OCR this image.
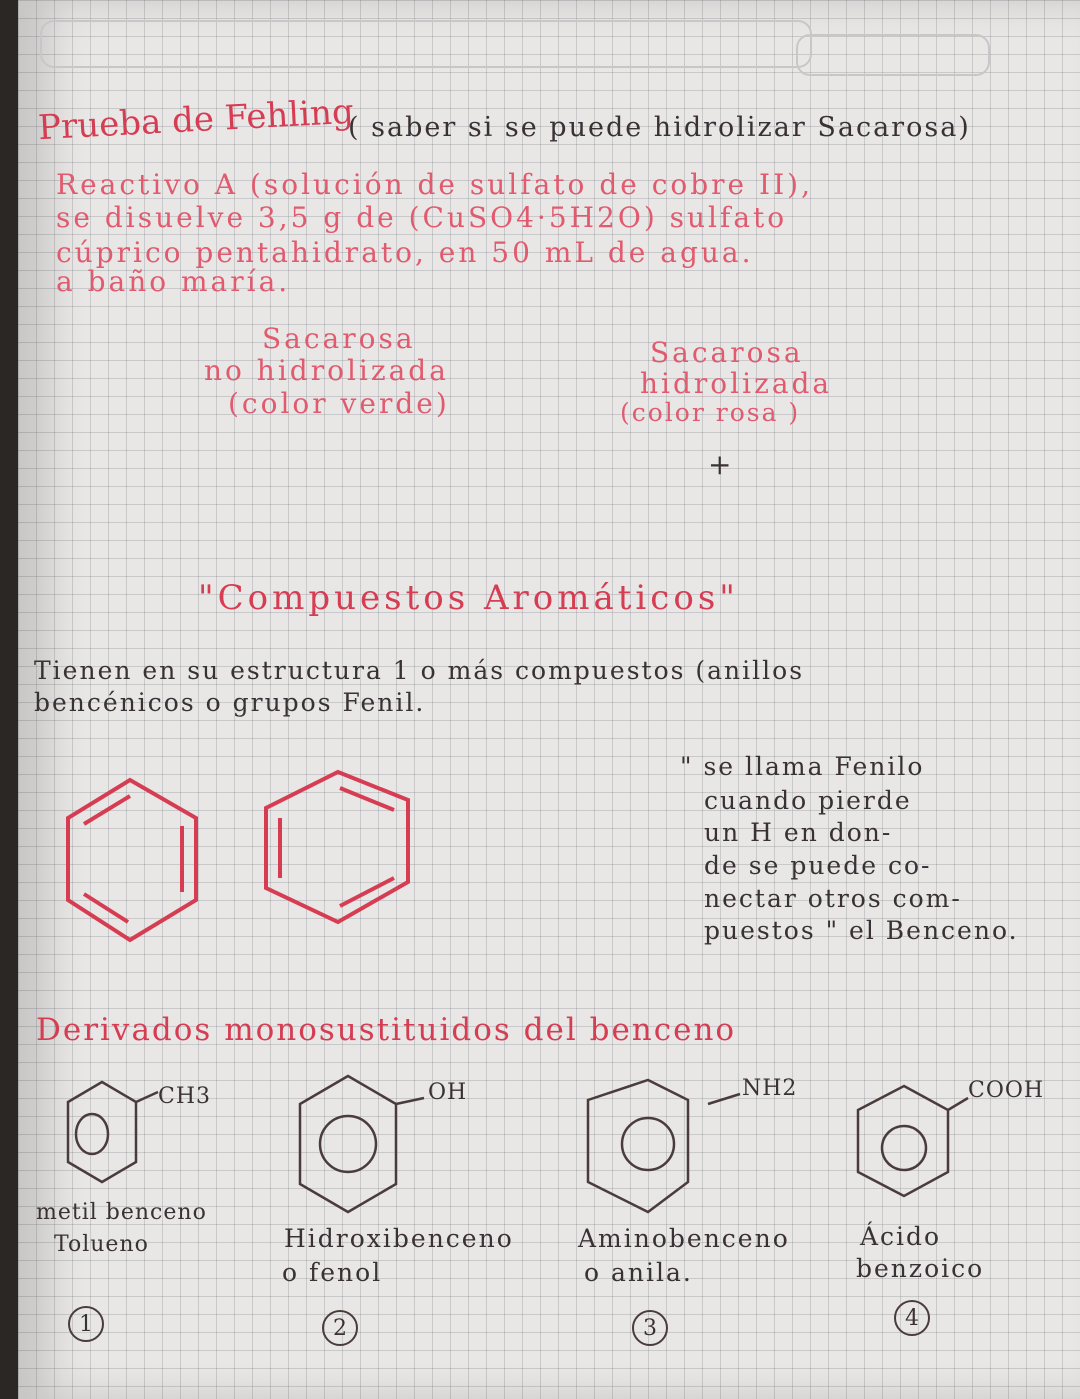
Prueba de Fehling
( saber si se puede hidrolizar Sacarosa)
Reactivo A (solución de sulfato de cobre II),
se disuelve 3,5 g de (CuSO4·5H2O) sulfato
cúprico pentahidrato, en 50 mL de agua.
a baño maría.
Sacarosa
no hidrolizada
(color verde)
Sacarosa
hidrolizada
(color rosa )
+
"Compuestos Aromáticos"
Tienen en su estructura 1 o más compuestos (anillos
bencénicos o grupos Fenil.
" se llama Fenilo
cuando pierde
un H en don-
de se puede co-
nectar otros com-
puestos " el Benceno.
Derivados monosustituidos del benceno
CH3	OH	NH2	COOH
metil benceno
Tolueno	Hidroxibenceno
o fenol
Aminobenceno
o anila.
Ácido
benzoico
1	2	3	4
